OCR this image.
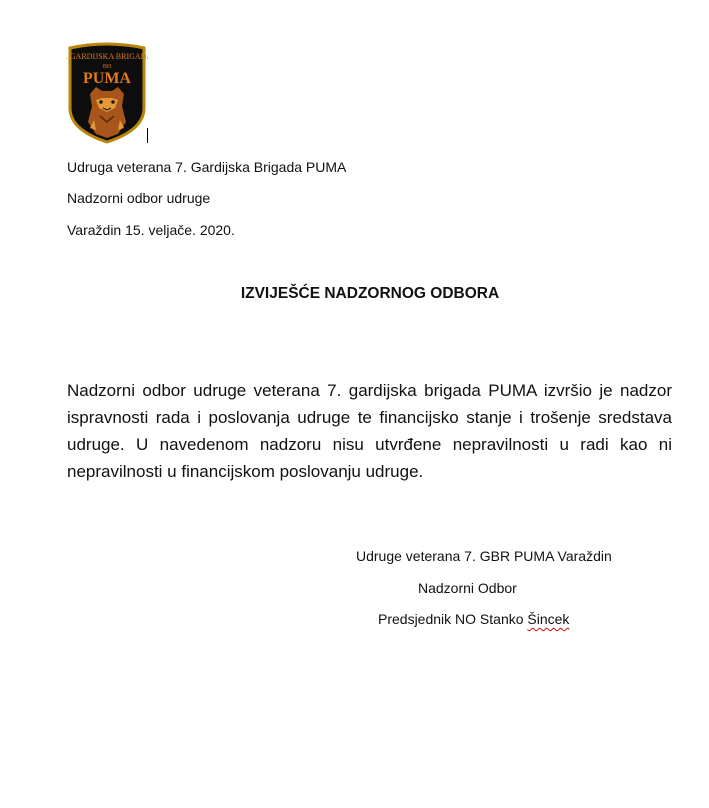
7. GARDIJSKA BRIGADA
BH
PUMA
Udruga veterana 7. Gardijska Brigada PUMA
Nadzorni odbor udruge
Varaždin 15. veljače. 2020.
IZVIJEŠĆE NADZORNOG ODBORA
Nadzorni odbor udruge veterana 7. gardijska brigada PUMA izvršio je nadzor ispravnosti rada i poslovanja udruge te financijsko stanje i trošenje sredstava udruge. U navedenom nadzoru nisu utvrđene nepravilnosti u radi kao ni nepravilnosti u financijskom poslovanju udruge.
Udruge veterana 7. GBR PUMA Varaždin
Nadzorni Odbor
Predsjednik NO Stanko Šincek
